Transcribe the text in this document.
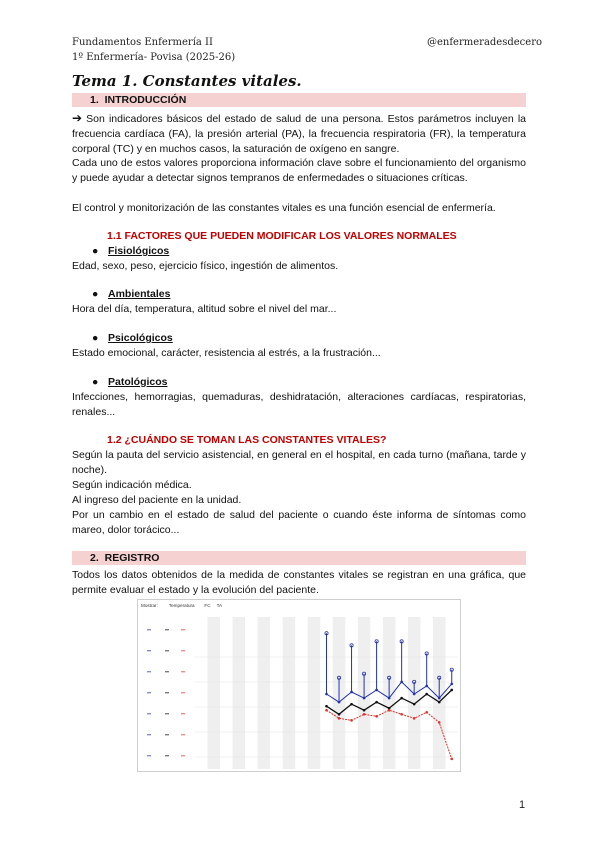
Fundamentos Enfermería II
1º Enfermería- Povisa (2025-26)
@enfermeradesdecero
Tema 1. Constantes vitales.
1. INTRODUCCIÓN
➔ Son indicadores básicos del estado de salud de una persona. Estos parámetros incluyen la frecuencia cardíaca (FA), la presión arterial (PA), la frecuencia respiratoria (FR), la temperatura corporal (TC) y en muchos casos, la saturación de oxígeno en sangre.
Cada uno de estos valores proporciona información clave sobre el funcionamiento del organismo y puede ayudar a detectar signos tempranos de enfermedades o situaciones críticas.
El control y monitorización de las constantes vitales es una función esencial de enfermería.
1.1 FACTORES QUE PUEDEN MODIFICAR LOS VALORES NORMALES
● Fisiológicos
Edad, sexo, peso, ejercicio físico, ingestión de alimentos.
● Ambientales
Hora del día, temperatura, altitud sobre el nivel del mar...
● Psicológicos
Estado emocional, carácter, resistencia al estrés, a la frustración...
● Patológicos
Infecciones, hemorragias, quemaduras, deshidratación, alteraciones cardíacas, respiratorias, renales...
1.2 ¿CUÁNDO SE TOMAN LAS CONSTANTES VITALES?
Según la pauta del servicio asistencial, en general en el hospital, en cada turno (mañana, tarde y noche).
Según indicación médica.
Al ingreso del paciente en la unidad.
Por un cambio en el estado de salud del paciente o cuando éste informa de síntomas como mareo, dolor torácico...
2. REGISTRO
Todos los datos obtenidos de la medida de constantes vitales se registran en una gráfica, que permite evaluar el estado y la evolución del paciente.
Mostrar: Temperatura FC TA
1
